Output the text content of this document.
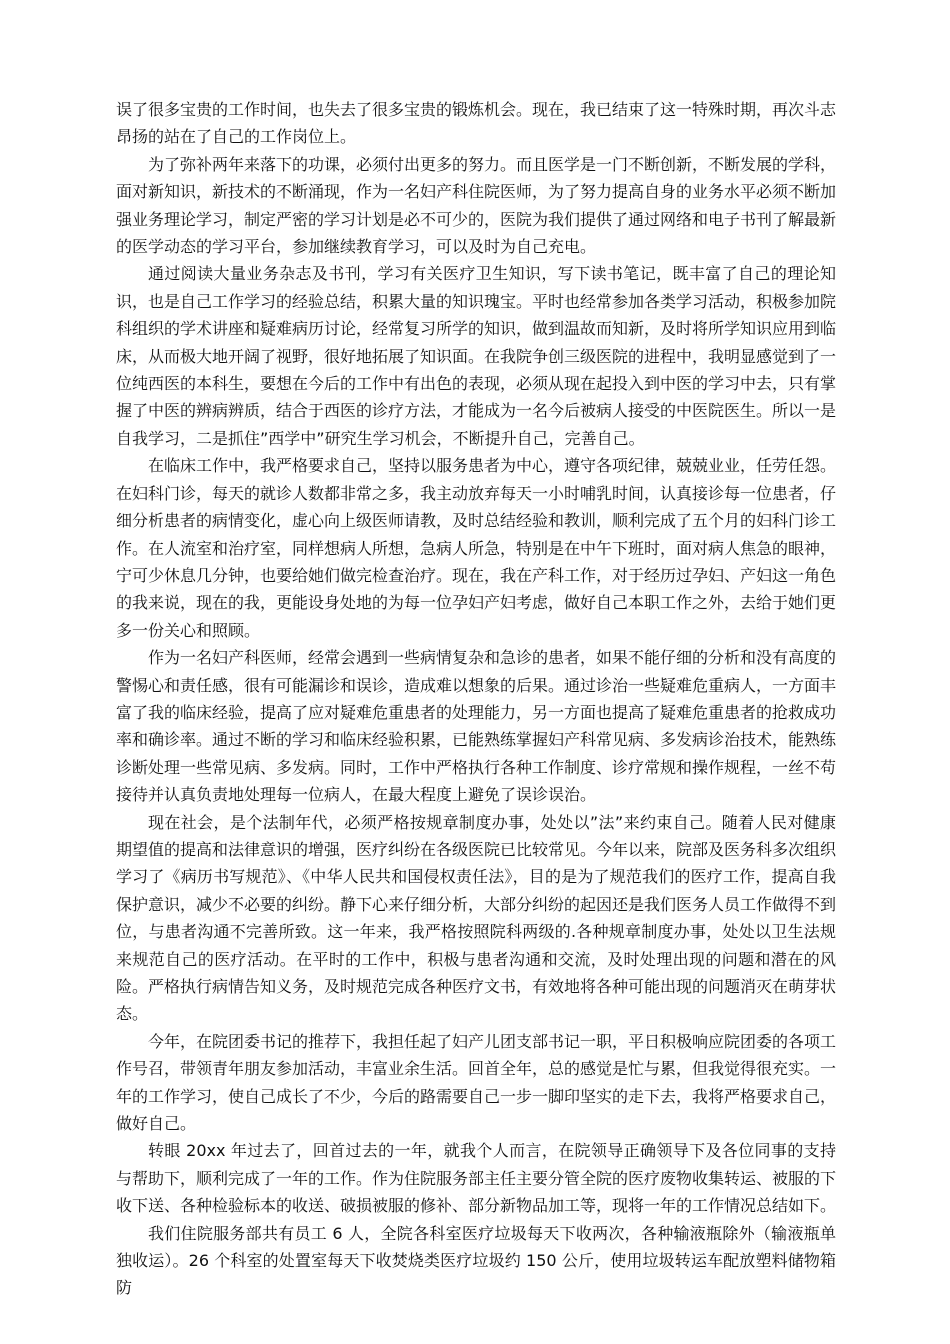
误了很多宝贵的工作时间，也失去了很多宝贵的锻炼机会。现在，我已结束了这一特殊时期，再次斗志昂扬的站在了自己的工作岗位上。

为了弥补两年来落下的功课，必须付出更多的努力。而且医学是一门不断创新，不断发展的学科，面对新知识，新技术的不断涌现，作为一名妇产科住院医师，为了努力提高自身的业务水平必须不断加强业务理论学习，制定严密的学习计划是必不可少的，医院为我们提供了通过网络和电子书刊了解最新的医学动态的学习平台，参加继续教育学习，可以及时为自己充电。

通过阅读大量业务杂志及书刊，学习有关医疗卫生知识，写下读书笔记，既丰富了自己的理论知识，也是自己工作学习的经验总结，积累大量的知识瑰宝。平时也经常参加各类学习活动，积极参加院科组织的学术讲座和疑难病历讨论，经常复习所学的知识，做到温故而知新，及时将所学知识应用到临床，从而极大地开阔了视野，很好地拓展了知识面。在我院争创三级医院的进程中，我明显感觉到了一位纯西医的本科生，要想在今后的工作中有出色的表现，必须从现在起投入到中医的学习中去，只有掌握了中医的辨病辨质，结合于西医的诊疗方法，才能成为一名今后被病人接受的中医院医生。所以一是自我学习，二是抓住”西学中”研究生学习机会，不断提升自己，完善自己。

在临床工作中，我严格要求自己，坚持以服务患者为中心，遵守各项纪律，兢兢业业，任劳任怨。在妇科门诊，每天的就诊人数都非常之多，我主动放弃每天一小时哺乳时间，认真接诊每一位患者，仔细分析患者的病情变化，虚心向上级医师请教，及时总结经验和教训，顺利完成了五个月的妇科门诊工作。在人流室和治疗室，同样想病人所想，急病人所急，特别是在中午下班时，面对病人焦急的眼神，宁可少休息几分钟，也要给她们做完检查治疗。现在，我在产科工作，对于经历过孕妇、产妇这一角色的我来说，现在的我，更能设身处地的为每一位孕妇产妇考虑，做好自己本职工作之外，去给于她们更多一份关心和照顾。

作为一名妇产科医师，经常会遇到一些病情复杂和急诊的患者，如果不能仔细的分析和没有高度的警惕心和责任感，很有可能漏诊和误诊，造成难以想象的后果。通过诊治一些疑难危重病人，一方面丰富了我的临床经验，提高了应对疑难危重患者的处理能力，另一方面也提高了疑难危重患者的抢救成功率和确诊率。通过不断的学习和临床经验积累，已能熟练掌握妇产科常见病、多发病诊治技术，能熟练诊断处理一些常见病、多发病。同时，工作中严格执行各种工作制度、诊疗常规和操作规程，一丝不苟接待并认真负责地处理每一位病人，在最大程度上避免了误诊误治。

现在社会，是个法制年代，必须严格按规章制度办事，处处以”法”来约束自己。随着人民对健康期望值的提高和法律意识的增强，医疗纠纷在各级医院已比较常见。今年以来，院部及医务科多次组织学习了《病历书写规范》、《中华人民共和国侵权责任法》，目的是为了规范我们的医疗工作，提高自我保护意识，减少不必要的纠纷。静下心来仔细分析，大部分纠纷的起因还是我们医务人员工作做得不到位，与患者沟通不完善所致。这一年来，我严格按照院科两级的.各种规章制度办事，处处以卫生法规来规范自己的医疗活动。在平时的工作中，积极与患者沟通和交流，及时处理出现的问题和潜在的风险。严格执行病情告知义务，及时规范完成各种医疗文书，有效地将各种可能出现的问题消灭在萌芽状态。

今年，在院团委书记的推荐下，我担任起了妇产儿团支部书记一职，平日积极响应院团委的各项工作号召，带领青年朋友参加活动，丰富业余生活。回首全年，总的感觉是忙与累，但我觉得很充实。一年的工作学习，使自己成长了不少，今后的路需要自己一步一脚印坚实的走下去，我将严格要求自己，做好自己。

转眼 20xx 年过去了，回首过去的一年，就我个人而言，在院领导正确领导下及各位同事的支持与帮助下，顺利完成了一年的工作。作为住院服务部主任主要分管全院的医疗废物收集转运、被服的下收下送、各种检验标本的收送、破损被服的修补、部分新物品加工等，现将一年的工作情况总结如下。

我们住院服务部共有员工 6 人，全院各科室医疗垃圾每天下收两次，各种输液瓶除外（输液瓶单独收运）。26 个科室的处置室每天下收焚烧类医疗垃圾约 150 公斤，使用垃圾转运车配放塑料储物箱防
